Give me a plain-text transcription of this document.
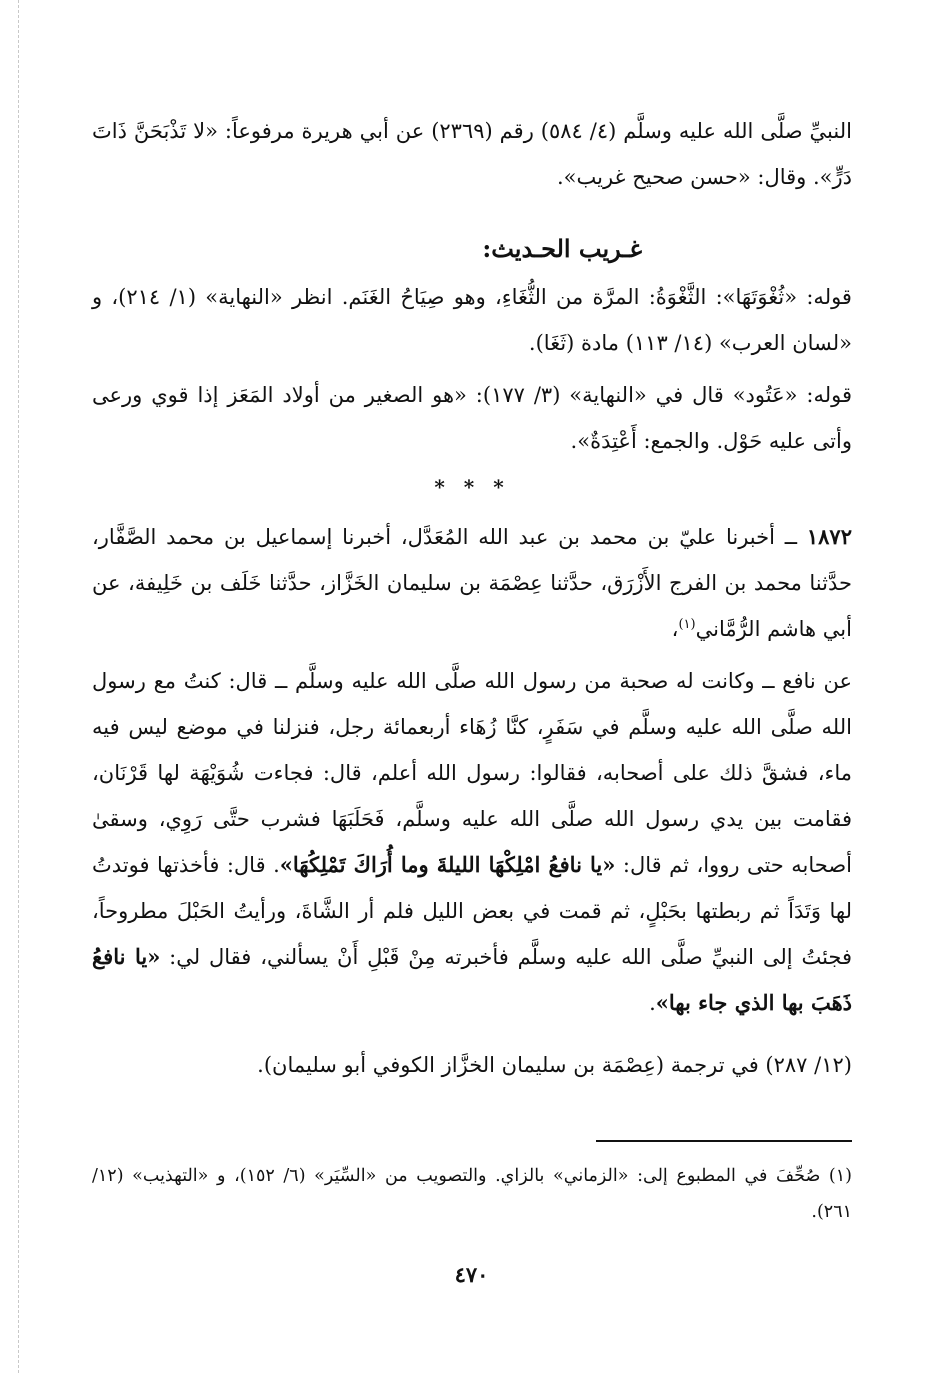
النبيِّ صلَّى الله عليه وسلَّم (٤/ ٥٨٤) رقم (٢٣٦٩) عن أبي هريرة مرفوعاً: «لا تَذْبَحَنَّ ذَاتَ دَرٍّ». وقال: «حسن صحيح غريب».

غـريب الحـديث:

قوله: «ثُغْوَتَهَا»: الثَّغْوَةُ: المرَّة من الثُّغَاءِ، وهو صِيَاحُ الغَنَم. انظر «النهاية» (١/ ٢١٤)، و «لسان العرب» (١٤/ ١١٣) مادة (ثَغَا).

قوله: «عَتُود» قال في «النهاية» (٣/ ١٧٧): «هو الصغير من أولاد المَعَز إذا قوي ورعى وأتى عليه حَوْل. والجمع: أَعْتِدَةٌ».

* * *

١٨٧٢ ــ أخبرنا عليّ بن محمد بن عبد الله المُعَدَّل، أخبرنا إسماعيل بن محمد الصَّفَّار، حدَّثنا محمد بن الفرج الأَزْرَق، حدَّثنا عِصْمَة بن سليمان الخَزَّاز، حدَّثنا خَلَف بن خَلِيفة، عن أبي هاشم الرُّمَّاني$^{(١)}$،

عن نافع ــ وكانت له صحبة من رسول الله صلَّى الله عليه وسلَّم ــ قال: كنتُ مع رسول الله صلَّى الله عليه وسلَّم في سَفَرٍ، كنَّا زُهَاء أربعمائة رجل، فنزلنا في موضع ليس فيه ماء، فشقَّ ذلك على أصحابه، فقالوا: رسول الله أعلم، قال: فجاءت شُوَيْهَة لها قَرْنَان، فقامت بين يدي رسول الله صلَّى الله عليه وسلَّم، فَحَلَبَهَا فشرب حتَّى رَوِي، وسقىٰ أصحابه حتى رووا، ثم قال: «يا نافعُ امْلِكْهَا الليلةَ وما أُرَاكَ تَمْلِكُهَا». قال: فأخذتها فوتدتُ لها وَتَدَاً ثم ربطتها بحَبْلٍ، ثم قمت في بعض الليل فلم أر الشَّاةَ، ورأيتُ الحَبْلَ مطروحاً، فجئتُ إلى النبيِّ صلَّى الله عليه وسلَّم فأخبرته مِنْ قَبْلِ أَنْ يسألني، فقال لي: «يا نافعُ ذَهَبَ بها الذي جاء بها».

(١٢/ ٢٨٧) في ترجمة (عِصْمَة بن سليمان الخزَّاز الكوفي أبو سليمان).

(١) صُحِّفَ في المطبوع إلى: «الزماني» بالزاي. والتصويب من «السِّيَر» (٦/ ١٥٢)، و «التهذيب» (١٢/ ٢٦١).
٤٧٠
